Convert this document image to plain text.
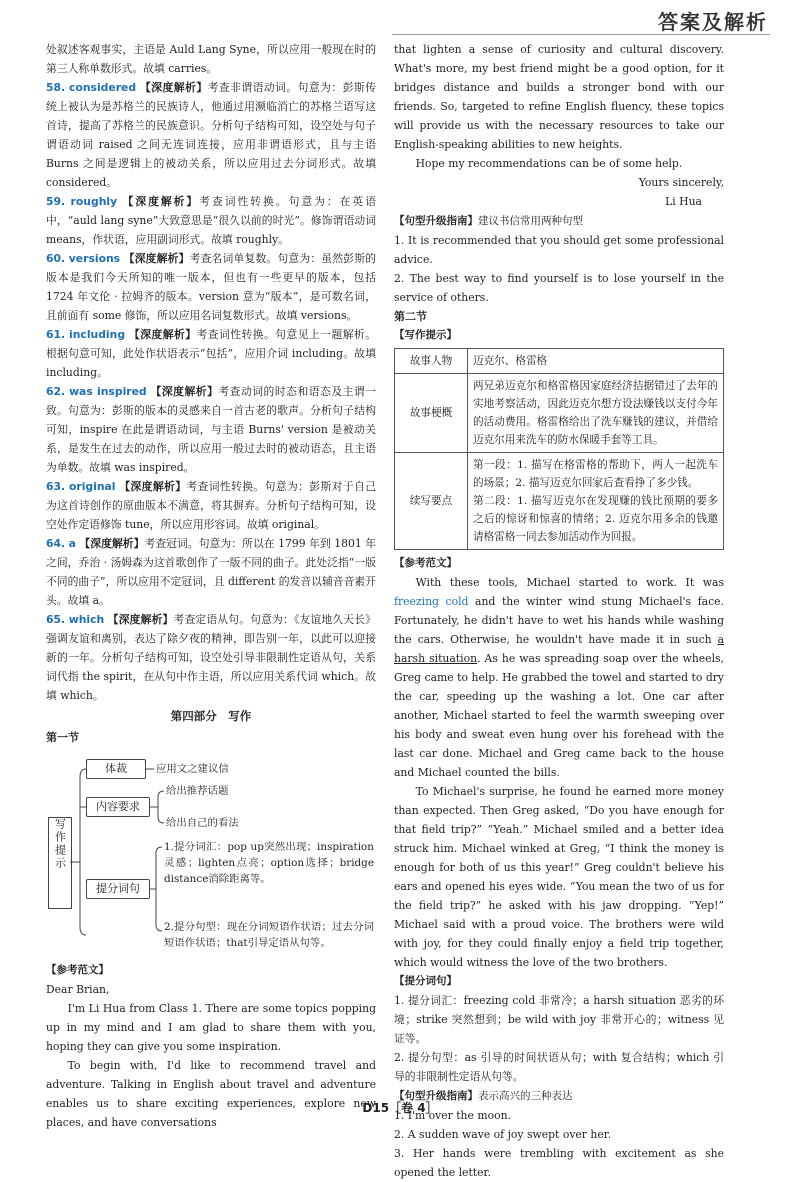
答案及解析

处叙述客观事实，主语是 Auld Lang Syne，所以应用一般现在时的第三人称单数形式。故填 carries。

58. considered 【深度解析】考查非谓语动词。句意为：彭斯传统上被认为是苏格兰的民族诗人，他通过用濒临消亡的苏格兰语写这首诗，提高了苏格兰的民族意识。分析句子结构可知，设空处与句子谓语动词 raised 之间无连词连接，应用非谓语形式，且与主语 Burns 之间是逻辑上的被动关系，所以应用过去分词形式。故填 considered。

59. roughly 【深度解析】考查词性转换。句意为：在英语中，“auld lang syne”大致意思是“很久以前的时光”。修饰谓语动词 means，作状语，应用副词形式。故填 roughly。

60. versions 【深度解析】考查名词单复数。句意为：虽然彭斯的版本是我们今天所知的唯一版本，但也有一些更早的版本，包括 1724 年文伦 · 拉姆齐的版本。version 意为“版本”，是可数名词，且前面有 some 修饰，所以应用名词复数形式。故填 versions。

61. including 【深度解析】考查词性转换。句意见上一题解析。根据句意可知，此处作状语表示“包括”，应用介词 including。故填 including。

62. was inspired 【深度解析】考查动词的时态和语态及主谓一致。句意为：彭斯的版本的灵感来自一首古老的歌声。分析句子结构可知，inspire 在此是谓语动词，与主语 Burns' version 是被动关系，是发生在过去的动作，所以应用一般过去时的被动语态，且主语为单数。故填 was inspired。

63. original 【深度解析】考查词性转换。句意为：彭斯对于自己为这首诗创作的原曲版本不满意，将其摒弃。分析句子结构可知，设空处作定语修饰 tune，所以应用形容词。故填 original。

64. a 【深度解析】考查冠词。句意为：所以在 1799 年到 1801 年之间，乔治 · 汤姆森为这首歌创作了一版不同的曲子。此处泛指“一版不同的曲子”，所以应用不定冠词，且 different 的发音以辅音音素开头。故填 a。

65. which 【深度解析】考查定语从句。句意为：《友谊地久天长》强调友谊和离别，表达了除夕夜的精神，即告别一年，以此可以迎接新的一年。分析句子结构可知，设空处引导非限制性定语从句，关系词代指 the spirit，在从句中作主语，所以应用关系代词 which。故填 which。

第四部分　写作
第一节
写作提示
体裁	应用文之建议信
内容要求
给出推荐话题
给出自己的看法
提分词句
1.提分词汇：pop up突然出现；inspiration 灵感；lighten点亮；option选择；bridge distance消除距离等。
2.提分句型：现在分词短语作状语；过去分词短语作状语；that引导定语从句等。
【参考范文】

Dear Brian,

I'm Li Hua from Class 1. There are some topics popping up in my mind and I am glad to share them with you, hoping they can give you some inspiration.

To begin with, I'd like to recommend travel and adventure. Talking in English about travel and adventure enables us to share exciting experiences, explore new places, and have conversations

that lighten a sense of curiosity and cultural discovery. What's more, my best friend might be a good option, for it bridges distance and builds a stronger bond with our friends. So, targeted to refine English fluency, these topics will provide us with the necessary resources to take our English-speaking abilities to new heights.

Hope my recommendations can be of some help.

Yours sincerely,

Li Hua

【句型升级指南】建议书信常用两种句型

1. It is recommended that you should get some professional advice.

2. The best way to find yourself is to lose yourself in the service of others.

第二节
【写作提示】
故事人物	迈克尔、格雷格
故事梗概	两兄弟迈克尔和格雷格因家庭经济拮据错过了去年的实地考察活动，因此迈克尔想方设法赚钱以支付今年的活动费用。格雷格给出了洗车赚钱的建议，并借给迈克尔用来洗车的防水保暖手套等工具。
续写要点	第一段：1. 描写在格雷格的帮助下，两人一起洗车的场景；2. 描写迈克尔回家后查看挣了多少钱。
第二段：1. 描写迈克尔在发现赚的钱比预期的要多之后的惊讶和惊喜的情绪；2. 迈克尔用多余的钱邀请格雷格一同去参加活动作为回报。
【参考范文】

With these tools, Michael started to work. It was freezing cold and the winter wind stung Michael's face. Fortunately, he didn't have to wet his hands while washing the cars. Otherwise, he wouldn't have made it in such a harsh situation. As he was spreading soap over the wheels, Greg came to help. He grabbed the towel and started to dry the car, speeding up the washing a lot. One car after another, Michael started to feel the warmth sweeping over his body and sweat even hung over his forehead with the last car done. Michael and Greg came back to the house and Michael counted the bills.

To Michael's surprise, he found he earned more money than expected. Then Greg asked, “Do you have enough for that field trip?” “Yeah.” Michael smiled and a better idea struck him. Michael winked at Greg, “I think the money is enough for both of us this year!” Greg couldn't believe his ears and opened his eyes wide. “You mean the two of us for the field trip?” he asked with his jaw dropping. “Yep!” Michael said with a proud voice. The brothers were wild with joy, for they could finally enjoy a field trip together, which would witness the love of the two brothers.

【提分词句】

1. 提分词汇：freezing cold 非常冷；a harsh situation 恶劣的环境；strike 突然想到；be wild with joy 非常开心的；witness 见证等。

2. 提分句型：as 引导的时间状语从句；with 复合结构；which 引导的非限制性定语从句等。

【句型升级指南】表示高兴的三种表达

1. I'm over the moon.

2. A sudden wave of joy swept over her.

3. Her hands were trembling with excitement as she opened the letter.

D15［卷 4］
